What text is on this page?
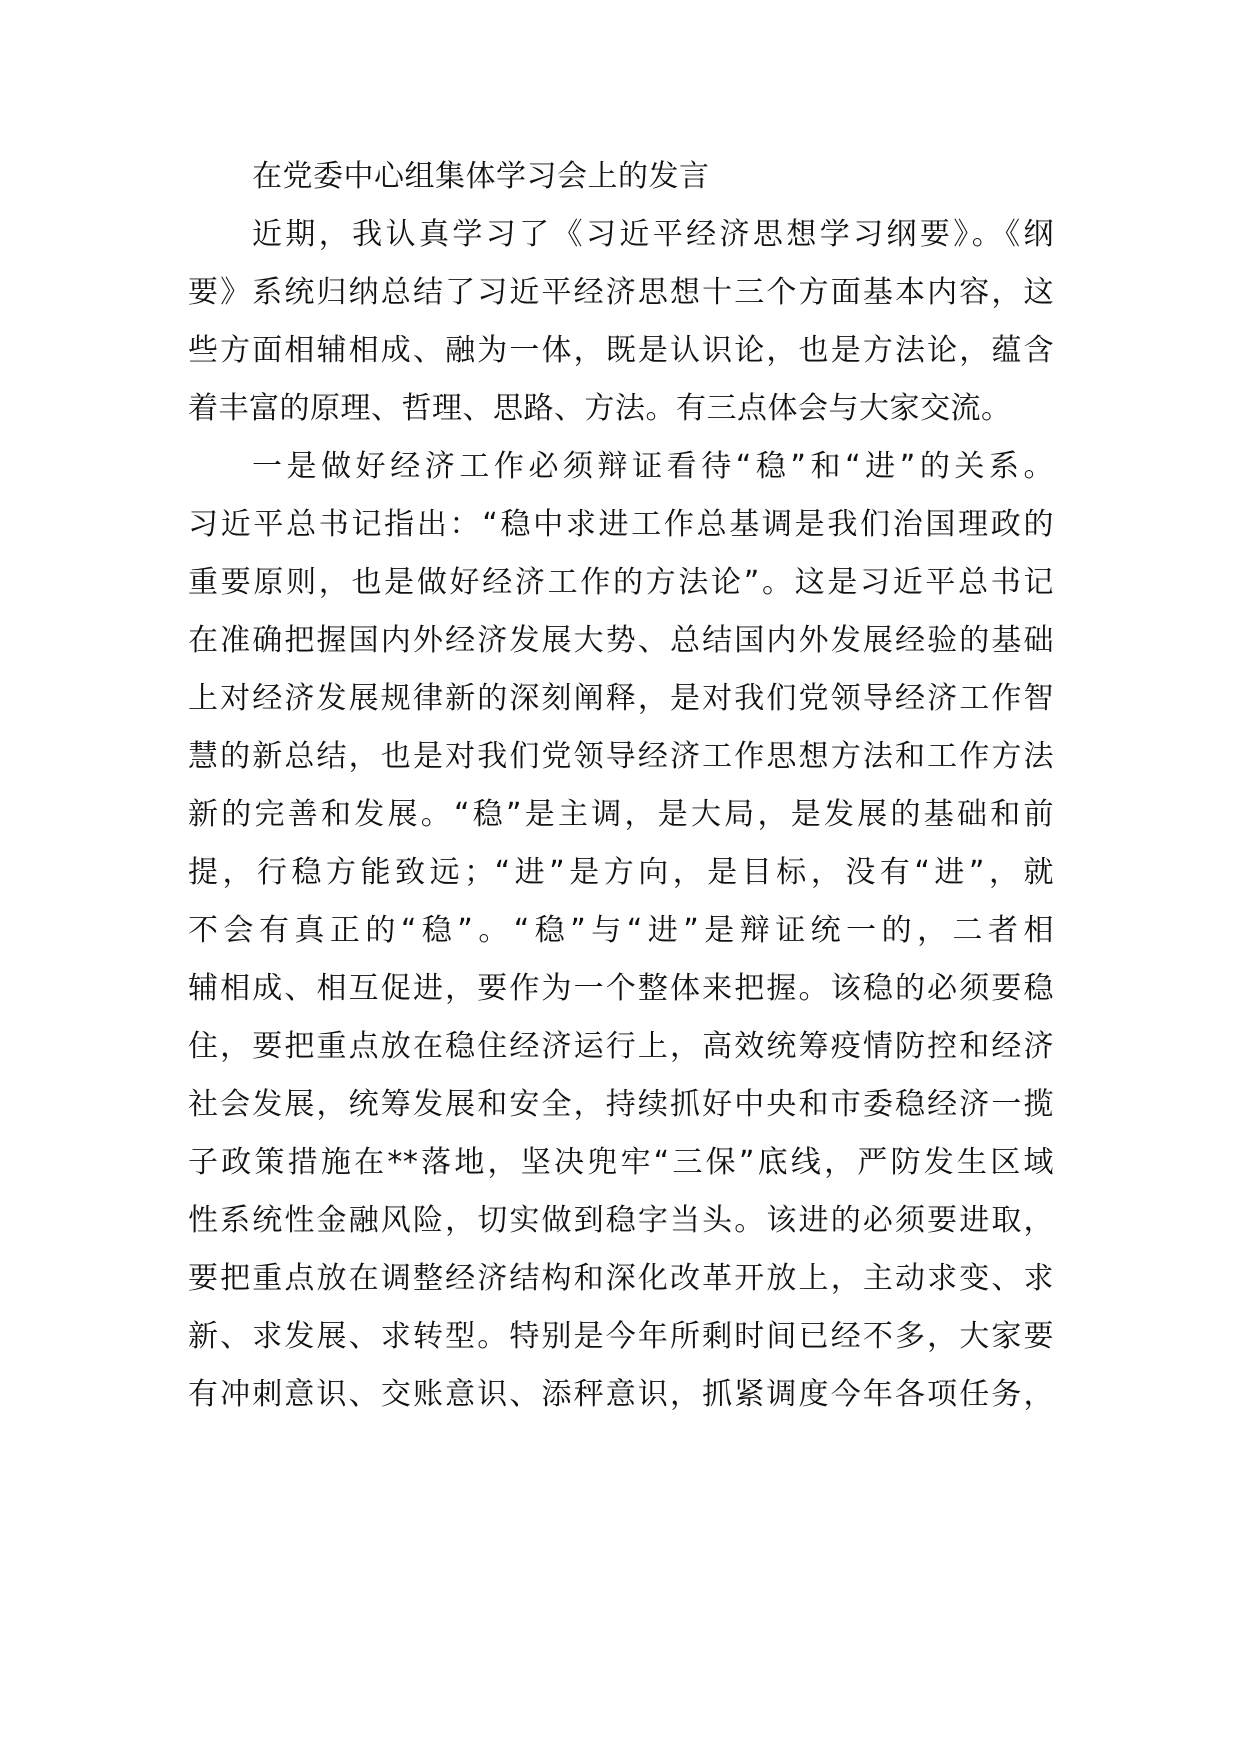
在党委中心组集体学习会上的发言
近期，我认真学习了《习近平经济思想学习纲要》。《纲
要》系统归纳总结了习近平经济思想十三个方面基本内容，这
些方面相辅相成、融为一体，既是认识论，也是方法论，蕴含
着丰富的原理、哲理、思路、方法。有三点体会与大家交流。
一是做好经济工作必须辩证看待“稳”和“进”的关系。
习近平总书记指出：“稳中求进工作总基调是我们治国理政的
重要原则，也是做好经济工作的方法论”。这是习近平总书记
在准确把握国内外经济发展大势、总结国内外发展经验的基础
上对经济发展规律新的深刻阐释，是对我们党领导经济工作智
慧的新总结，也是对我们党领导经济工作思想方法和工作方法
新的完善和发展。“稳”是主调，是大局，是发展的基础和前
提，行稳方能致远；“进”是方向，是目标，没有“进”，就
不会有真正的“稳”。“稳”与“进”是辩证统一的，二者相
辅相成、相互促进，要作为一个整体来把握。该稳的必须要稳
住，要把重点放在稳住经济运行上，高效统筹疫情防控和经济
社会发展，统筹发展和安全，持续抓好中央和市委稳经济一揽
子政策措施在**落地，坚决兜牢“三保”底线，严防发生区域
性系统性金融风险，切实做到稳字当头。该进的必须要进取，
要把重点放在调整经济结构和深化改革开放上，主动求变、求
新、求发展、求转型。特别是今年所剩时间已经不多，大家要
有冲刺意识、交账意识、添秤意识，抓紧调度今年各项任务，
